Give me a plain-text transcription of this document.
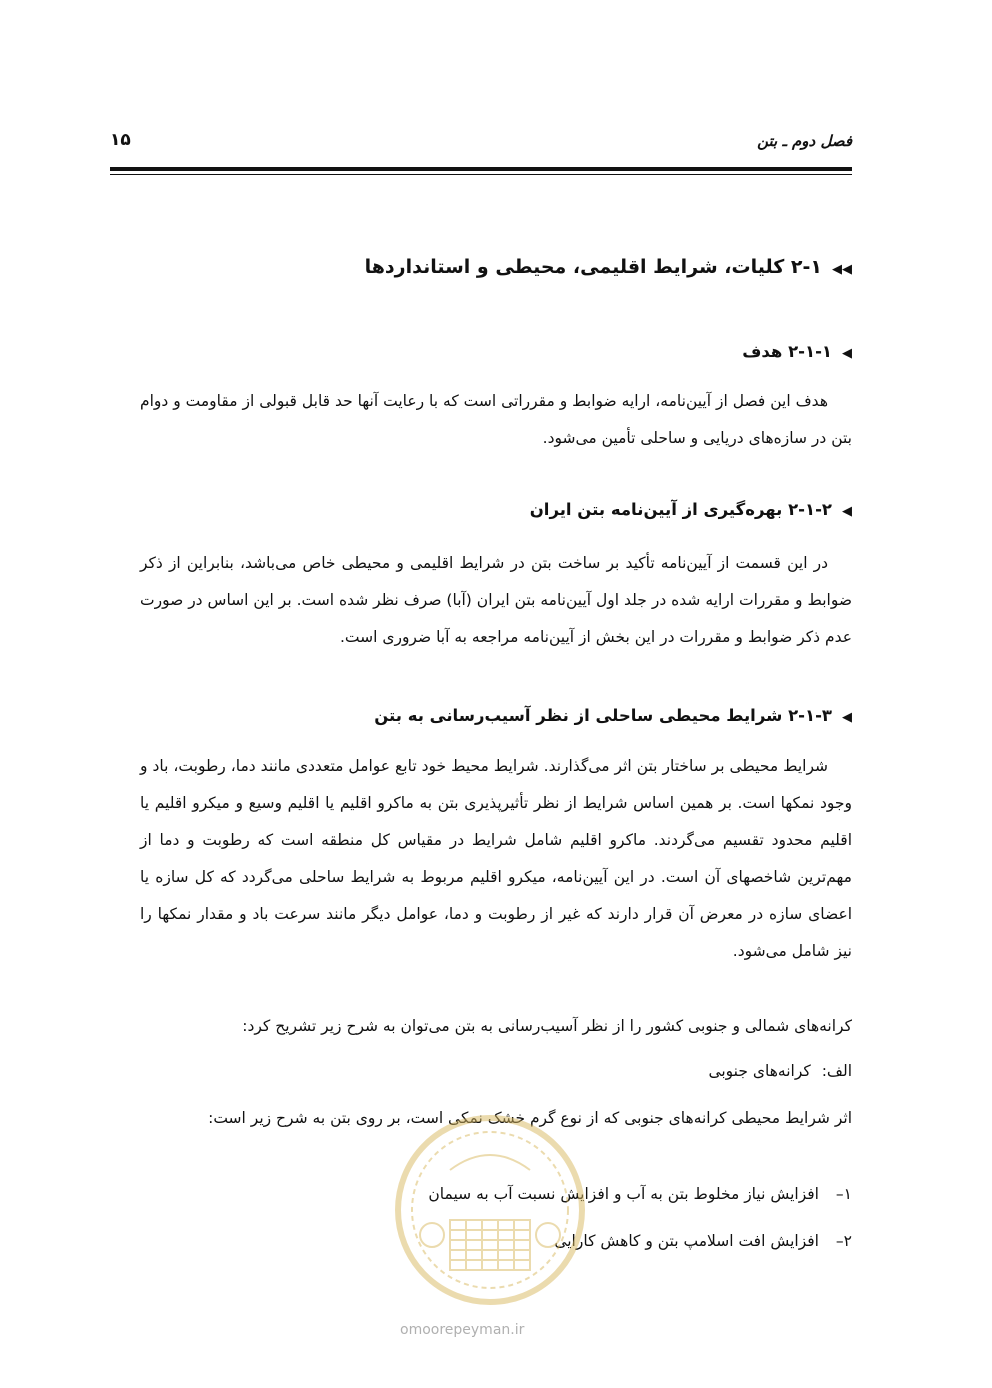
فصل دوم ـ بتن
۱۵
◀◀۲-۱ کلیات، شرایط اقلیمی، محیطی و استانداردها
◀۲-۱-۱ هدف
هدف این فصل از آیین‌نامه، ارایه ضوابط و مقرراتی است که با رعایت آنها حد قابل قبولی از مقاومت و دوام بتن در سازه‌های دریایی و ساحلی تأمین می‌شود.
◀۲-۱-۲ بهره‌گیری از آیین‌نامه بتن ایران
در این قسمت از آیین‌نامه تأکید بر ساخت بتن در شرایط اقلیمی و محیطی خاص می‌باشد، بنابراین از ذکر ضوابط و مقررات ارایه شده در جلد اول آیین‌نامه بتن ایران (آبا) صرف نظر شده است. بر این اساس در صورت عدم ذکر ضوابط و مقررات در این بخش از آیین‌نامه مراجعه به آبا ضروری است.
◀۲-۱-۳ شرایط محیطی ساحلی از نظر آسیب‌رسانی به بتن
شرایط محیطی بر ساختار بتن اثر می‌گذارند. شرایط محیط خود تابع عوامل متعددی مانند دما، رطوبت، باد و وجود نمکها است. بر همین اساس شرایط از نظر تأثیرپذیری بتن به ماکرو اقلیم یا اقلیم وسیع و میکرو اقلیم یا اقلیم محدود تقسیم می‌گردند. ماکرو اقلیم شامل شرایط در مقیاس کل منطقه است که رطوبت و دما از مهم‌ترین شاخصهای آن است. در این آیین‌نامه، میکرو اقلیم مربوط به شرایط ساحلی می‌گردد که کل سازه یا اعضای سازه در معرض آن قرار دارند که غیر از رطوبت و دما، عوامل دیگر مانند سرعت باد و مقدار نمکها را نیز شامل می‌شود.
کرانه‌های شمالی و جنوبی کشور را از نظر آسیب‌رسانی به بتن می‌توان به شرح زیر تشریح کرد:
الف: کرانه‌های جنوبی
اثر شرایط محیطی کرانه‌های جنوبی که از نوع گرم خشک نمکی است، بر روی بتن به شرح زیر است:
۱– افزایش نیاز مخلوط بتن به آب و افزایش نسبت آب به سیمان
۲– افزایش افت اسلامپ بتن و کاهش کارایی
omoorepeyman.ir
